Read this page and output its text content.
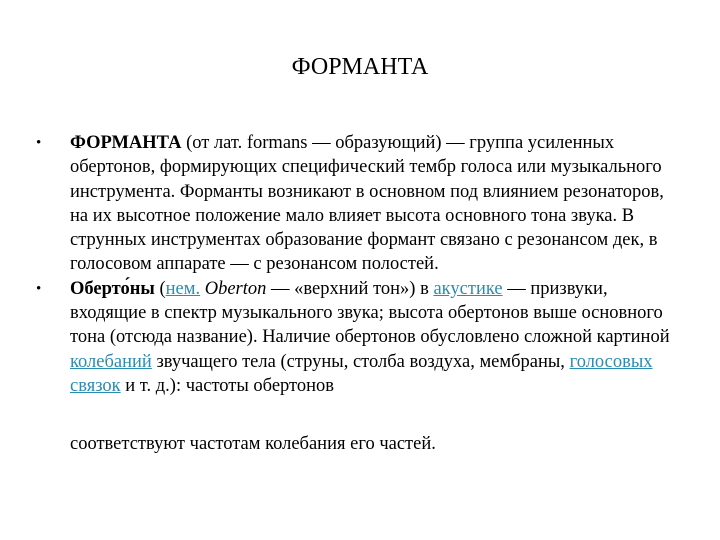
ФОРМАНТА
• ФОРМАНТА (от лат. formans — образующий) — группа усиленных обертонов, формирующих специфический тембр голоса или музыкального инструмента. Форманты возникают в основном под влиянием резонаторов, на их высотное положение мало влияет высота основного тона звука. В струнных инструментах образование формант связано с резонансом дек, в голосовом аппарате — с резонансом полостей.
• Оберто́ны (нем. Oberton — «верхний тон») в акустике — призвуки, входящие в спектр музыкального звука; высота обертонов выше основного тона (отсюда название). Наличие обертонов обусловлено сложной картиной колебаний звучащего тела (струны, столба воздуха, мембраны, голосовых связок и т. д.): частоты обертонов
соответствуют частотам колебания его частей.
